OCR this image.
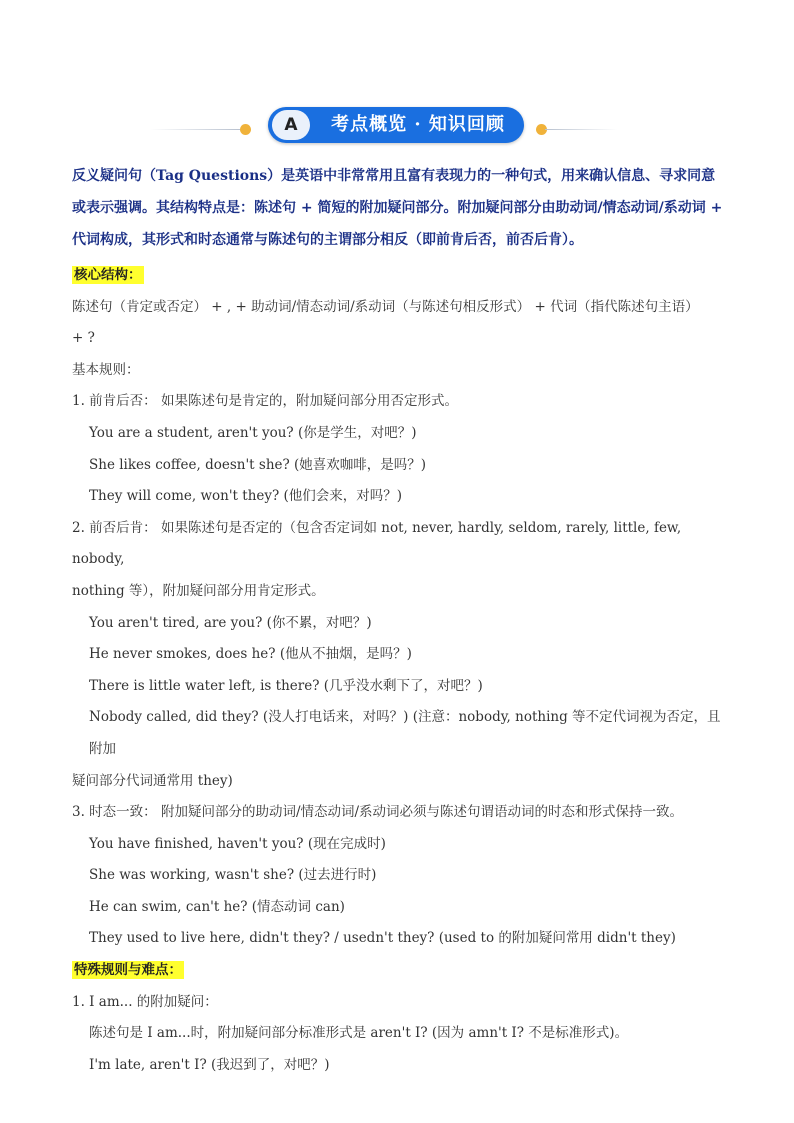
A	考点概览 · 知识回顾
反义疑问句（Tag Questions）是英语中非常常用且富有表现力的一种句式，用来确认信息、寻求同意或表示强调。其结构特点是：陈述句 + 简短的附加疑问部分。附加疑问部分由助动词/情态动词/系动词 + 代词构成，其形式和时态通常与陈述句的主谓部分相反（即前肯后否，前否后肯）。

核心结构：

陈述句（肯定或否定） + , + 助动词/情态动词/系动词（与陈述句相反形式） + 代词（指代陈述句主语）

+ ?

基本规则：

1. 前肯后否： 如果陈述句是肯定的，附加疑问部分用否定形式。

You are a student, aren't you? (你是学生，对吧？)

She likes coffee, doesn't she? (她喜欢咖啡，是吗？)

They will come, won't they? (他们会来，对吗？)

2. 前否后肯： 如果陈述句是否定的（包含否定词如 not, never, hardly, seldom, rarely, little, few, nobody,

nothing 等），附加疑问部分用肯定形式。

You aren't tired, are you? (你不累，对吧？)

He never smokes, does he? (他从不抽烟，是吗？)

There is little water left, is there? (几乎没水剩下了，对吧？)

Nobody called, did they? (没人打电话来，对吗？) (注意：nobody, nothing 等不定代词视为否定，且附加

疑问部分代词通常用 they)

3. 时态一致： 附加疑问部分的助动词/情态动词/系动词必须与陈述句谓语动词的时态和形式保持一致。

You have finished, haven't you? (现在完成时)

She was working, wasn't she? (过去进行时)

He can swim, can't he? (情态动词 can)

They used to live here, didn't they? / usedn't they? (used to 的附加疑问常用 didn't they)

特殊规则与难点：

1. I am... 的附加疑问：

陈述句是 I am...时，附加疑问部分标准形式是 aren't I? (因为 amn't I? 不是标准形式)。

I'm late, aren't I? (我迟到了，对吧？)
